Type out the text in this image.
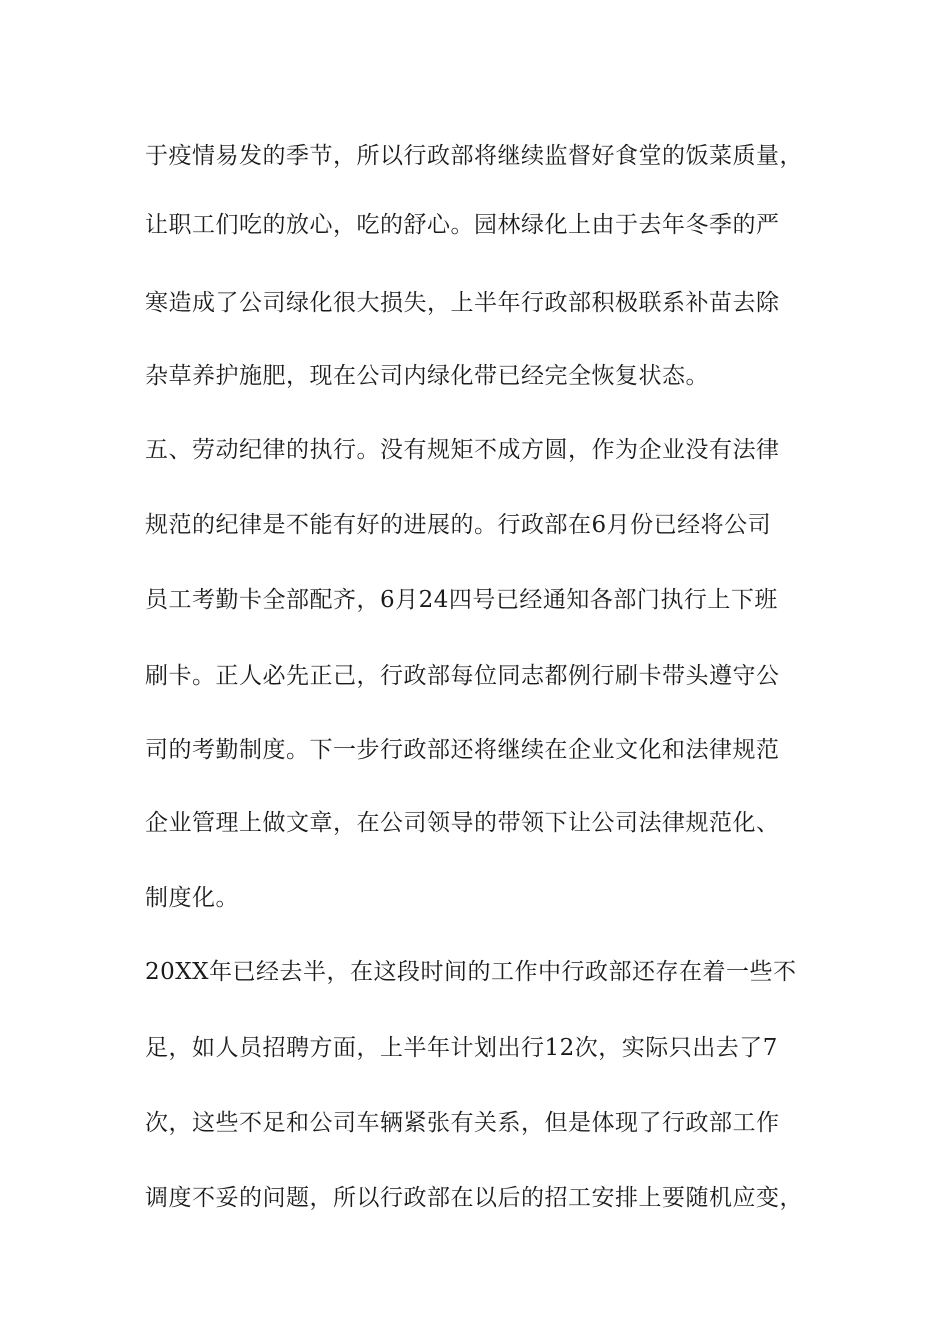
于疫情易发的季节，所以行政部将继续监督好食堂的饭菜质量，
让职工们吃的放心，吃的舒心。园林绿化上由于去年冬季的严
寒造成了公司绿化很大损失，上半年行政部积极联系补苗去除
杂草养护施肥，现在公司内绿化带已经完全恢复状态。
五、劳动纪律的执行。没有规矩不成方圆，作为企业没有法律
规范的纪律是不能有好的进展的。行政部在6月份已经将公司
员工考勤卡全部配齐，6月24四号已经通知各部门执行上下班
刷卡。正人必先正己，行政部每位同志都例行刷卡带头遵守公
司的考勤制度。下一步行政部还将继续在企业文化和法律规范
企业管理上做文章，在公司领导的带领下让公司法律规范化、
制度化。
20XX年已经去半，在这段时间的工作中行政部还存在着一些不
足，如人员招聘方面，上半年计划出行12次，实际只出去了7
次，这些不足和公司车辆紧张有关系，但是体现了行政部工作
调度不妥的问题，所以行政部在以后的招工安排上要随机应变，
